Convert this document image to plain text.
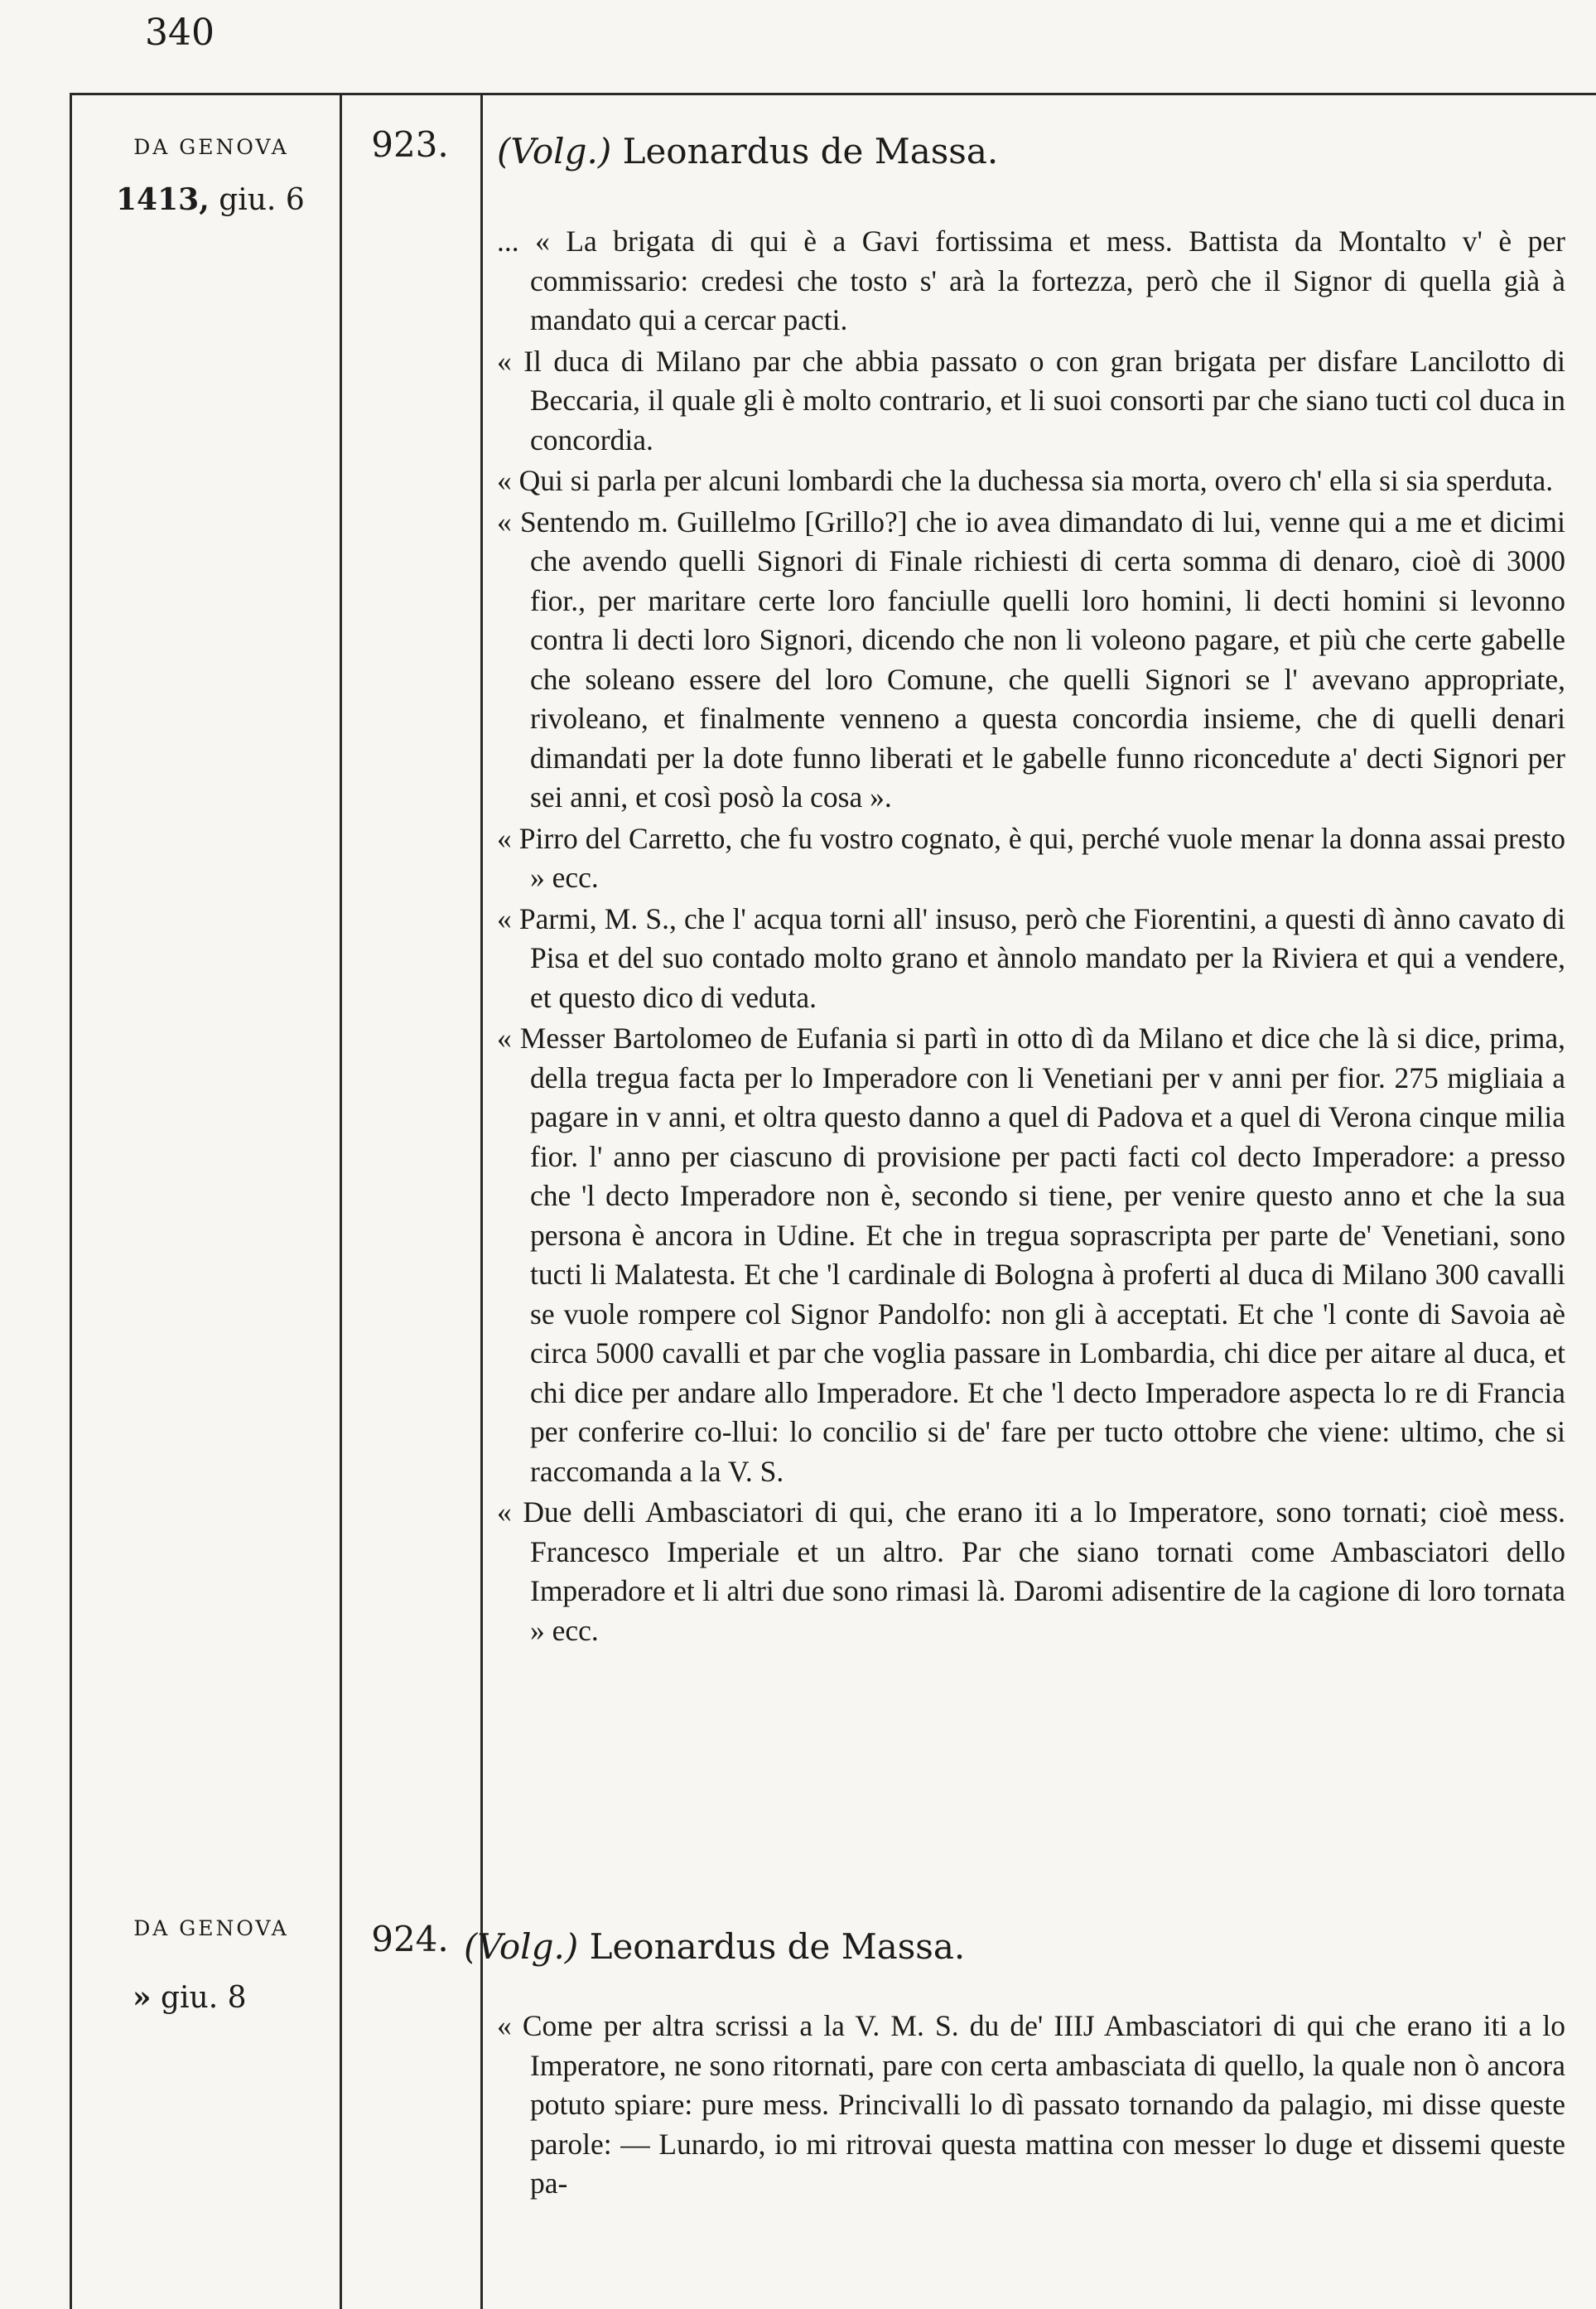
340
DA GENOVA
1413, giu. 6
923.	(Volg.) Leonardus de Massa.

... « La brigata di qui è a Gavi fortissima et mess. Battista da Montalto v' è per commissario: credesi che tosto s' arà la fortezza, però che il Signor di quella già à mandato qui a cercar pacti.

« Il duca di Milano par che abbia passato o con gran brigata per disfare Lancilotto di Beccaria, il quale gli è molto contrario, et li suoi consorti par che siano tucti col duca in concordia.

« Qui si parla per alcuni lombardi che la duchessa sia morta, overo ch' ella si sia sperduta.

« Sentendo m. Guillelmo [Grillo?] che io avea dimandato di lui, venne qui a me et dicimi che avendo quelli Signori di Finale richiesti di certa somma di denaro, cioè di 3000 fior., per maritare certe loro fanciulle quelli loro homini, li decti homini si levonno contra li decti loro Signori, dicendo che non li voleono pagare, et più che certe gabelle che soleano essere del loro Comune, che quelli Signori se l' avevano appropriate, rivoleano, et finalmente venneno a questa concordia insieme, che di quelli denari dimandati per la dote funno liberati et le gabelle funno riconcedute a' decti Signori per sei anni, et così posò la cosa ».

« Pirro del Carretto, che fu vostro cognato, è qui, perché vuole menar la donna assai presto » ecc.

« Parmi, M. S., che l' acqua torni all' insuso, però che Fiorentini, a questi dì ànno cavato di Pisa et del suo contado molto grano et ànnolo mandato per la Riviera et qui a vendere, et questo dico di veduta.

« Messer Bartolomeo de Eufania si partì in otto dì da Milano et dice che là si dice, prima, della tregua facta per lo Imperadore con li Venetiani per v anni per fior. 275 migliaia a pagare in v anni, et oltra questo danno a quel di Padova et a quel di Verona cinque milia fior. l' anno per ciascuno di provisione per pacti facti col decto Imperadore: a presso che 'l decto Imperadore non è, secondo si tiene, per venire questo anno et che la sua persona è ancora in Udine. Et che in tregua soprascripta per parte de' Venetiani, sono tucti li Malatesta. Et che 'l cardinale di Bologna à proferti al duca di Milano 300 cavalli se vuole rompere col Signor Pandolfo: non gli à acceptati. Et che 'l conte di Savoia aè circa 5000 cavalli et par che voglia passare in Lombardia, chi dice per aitare al duca, et chi dice per andare allo Imperadore. Et che 'l decto Imperadore aspecta lo re di Francia per conferire co-llui: lo concilio si de' fare per tucto ottobre che viene: ultimo, che si raccomanda a la V. S.

« Due delli Ambasciatori di qui, che erano iti a lo Imperatore, sono tornati; cioè mess. Francesco Imperiale et un altro. Par che siano tornati come Ambasciatori dello Imperadore et li altri due sono rimasi là. Daromi adisentire de la cagione di loro tornata » ecc.

DA GENOVA
» giu. 8
924. (Volg.) Leonardus de Massa.

« Come per altra scrissi a la V. M. S. du de' IIIJ Ambasciatori di qui che erano iti a lo Imperatore, ne sono ritornati, pare con certa ambasciata di quello, la quale non ò ancora potuto spiare: pure mess. Princivalli lo dì passato tornando da palagio, mi disse queste parole: — Lunardo, io mi ritrovai questa mattina con messer lo duge et dissemi queste pa-
